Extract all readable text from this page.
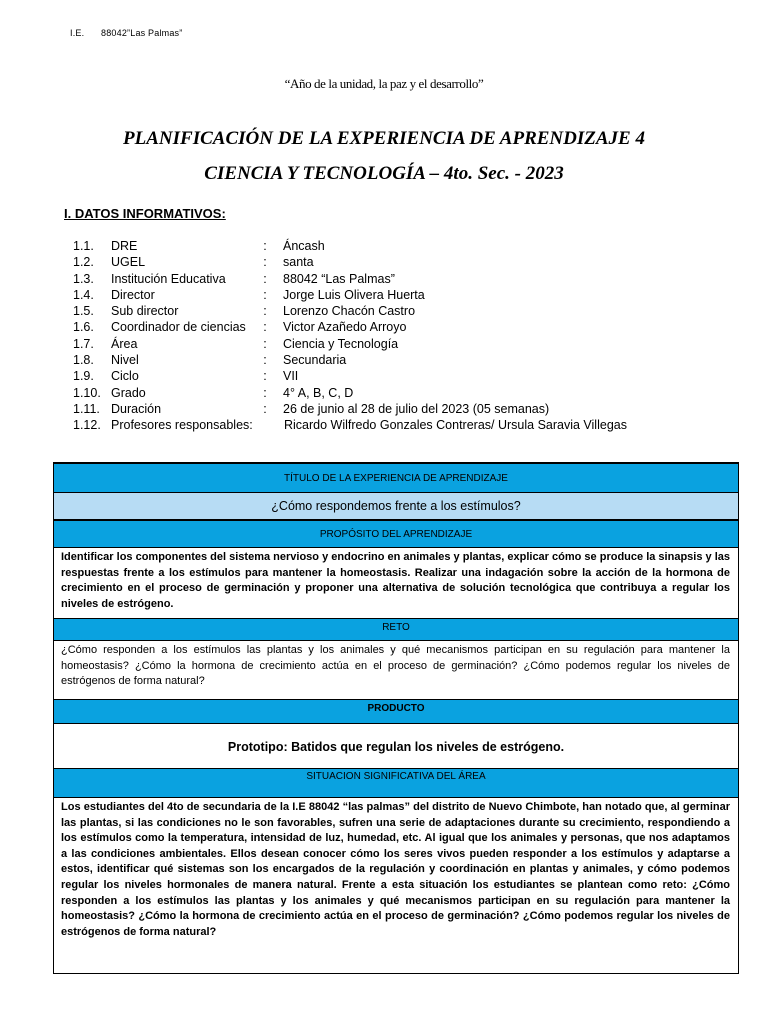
I.E. 88042”Las Palmas”
“Año de la unidad, la paz y el desarrollo”
PLANIFICACIÓN DE LA EXPERIENCIA DE APRENDIZAJE 4
CIENCIA Y TECNOLOGÍA – 4to. Sec. - 2023
I. DATOS INFORMATIVOS:
1.1.	DRE	:	Áncash
1.2.	UGEL	:	santa
1.3.	Institución Educativa	:	88042 “Las Palmas”
1.4.	Director	:	Jorge Luis Olivera Huerta
1.5.	Sub director	:	Lorenzo Chacón Castro
1.6.	Coordinador de ciencias	:	Victor Azañedo Arroyo
1.7.	Área	:	Ciencia y Tecnología
1.8.	Nivel	:	Secundaria
1.9.	Ciclo	:	VII
1.10. Grado	:	4° A, B, C, D
1.11. Duración	:	26 de junio al 28 de julio del 2023 (05 semanas)
1.12. Profesores responsables:	Ricardo Wilfredo Gonzales Contreras/ Ursula Saravia Villegas
TÍTULO DE LA EXPERIENCIA DE APRENDIZAJE
¿Cómo respondemos frente a los estímulos?
PROPÓSITO DEL APRENDIZAJE
Identificar los componentes del sistema nervioso y endocrino en animales y plantas, explicar cómo se produce la sinapsis y las respuestas frente a los estímulos para mantener la homeostasis. Realizar una indagación sobre la acción de la hormona de crecimiento en el proceso de germinación y proponer una alternativa de solución tecnológica que contribuya a regular los niveles de estrógeno.
RETO
¿Cómo responden a los estímulos las plantas y los animales y qué mecanismos participan en su regulación para mantener la homeostasis? ¿Cómo la hormona de crecimiento actúa en el proceso de germinación? ¿Cómo podemos regular los niveles de estrógenos de forma natural?
PRODUCTO
Prototipo: Batidos que regulan los niveles de estrógeno.
SITUACION SIGNIFICATIVA DEL ÁREA
Los estudiantes del 4to de secundaria de la I.E 88042 “las palmas” del distrito de Nuevo Chimbote, han notado que, al germinar las plantas, si las condiciones no le son favorables, sufren una serie de adaptaciones durante su crecimiento, respondiendo a los estímulos como la temperatura, intensidad de luz, humedad, etc. Al igual que los animales y personas, que nos adaptamos a las condiciones ambientales. Ellos desean conocer cómo los seres vivos pueden responder a los estímulos y adaptarse a estos, identificar qué sistemas son los encargados de la regulación y coordinación en plantas y animales, y cómo podemos regular los niveles hormonales de manera natural. Frente a esta situación los estudiantes se plantean como reto: ¿Cómo responden a los estímulos las plantas y los animales y qué mecanismos participan en su regulación para mantener la homeostasis? ¿Cómo la hormona de crecimiento actúa en el proceso de germinación? ¿Cómo podemos regular los niveles de estrógenos de forma natural?
